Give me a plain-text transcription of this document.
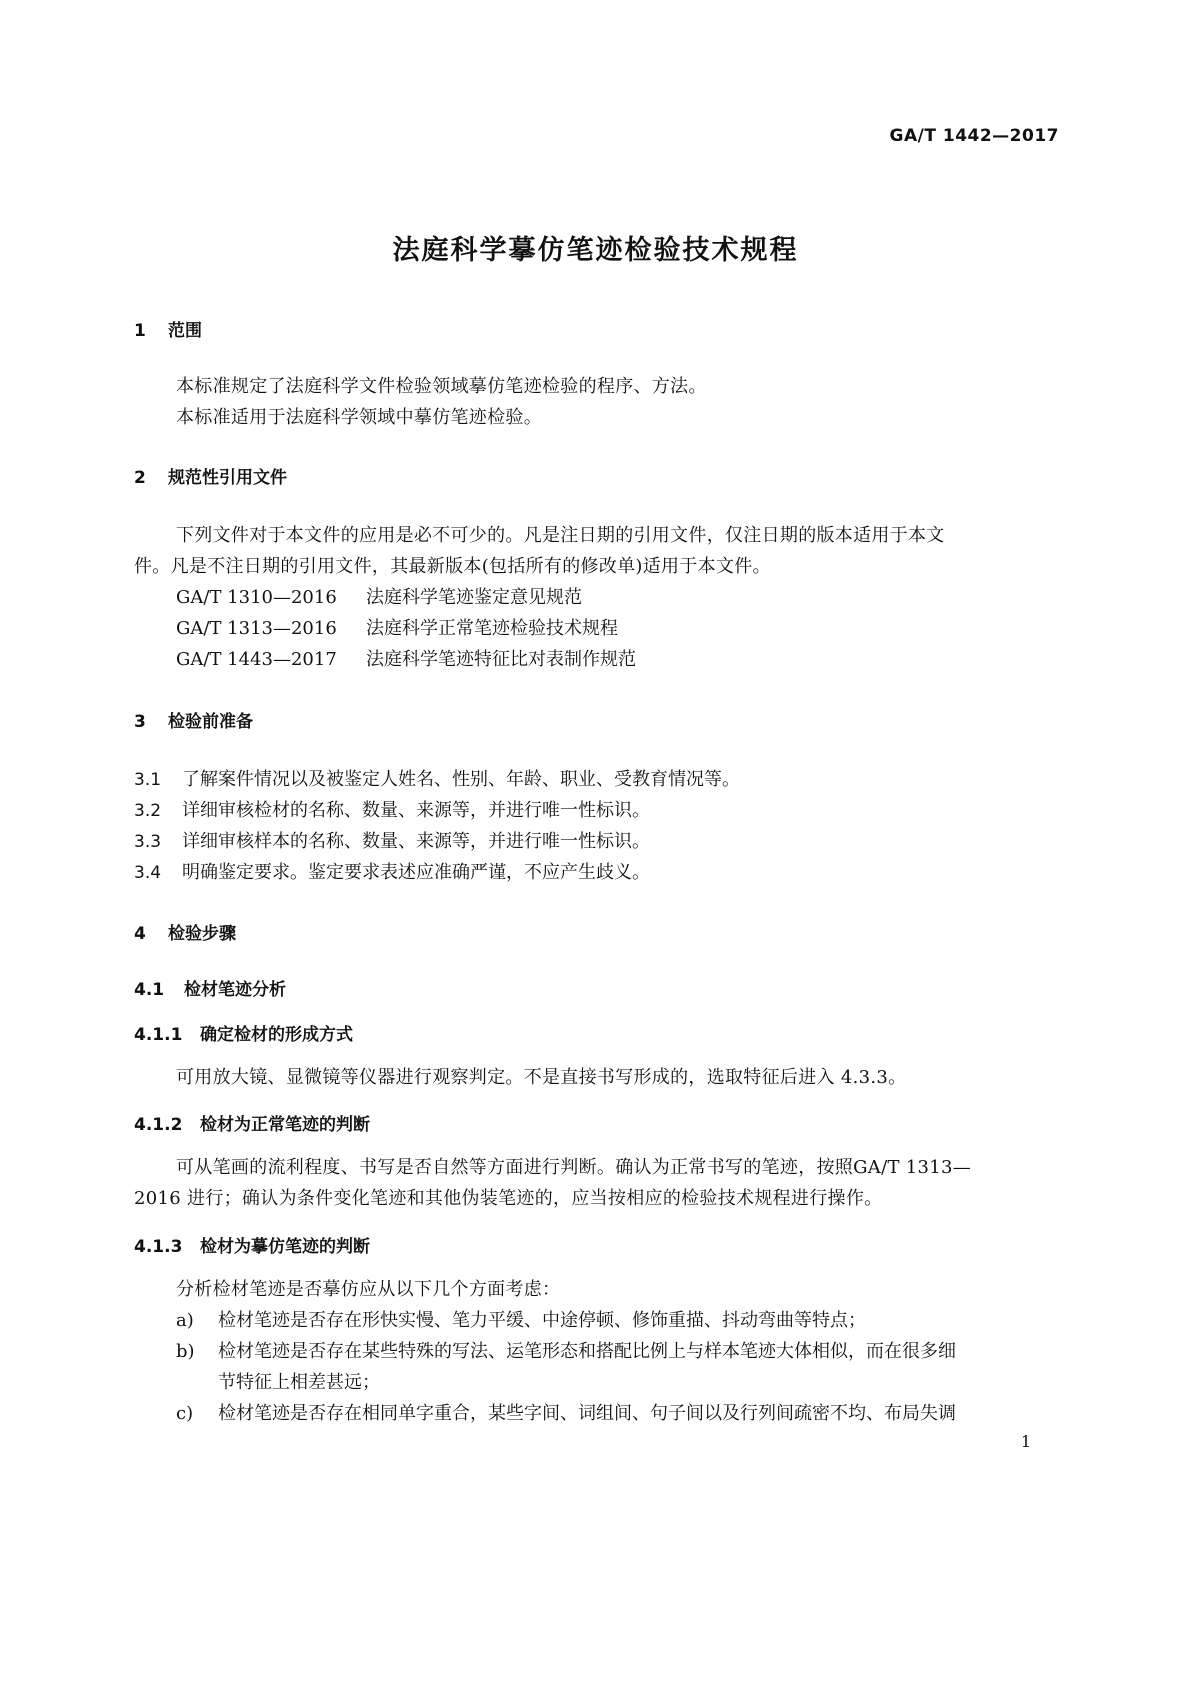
GA/T 1442—2017
法庭科学摹仿笔迹检验技术规程
1 范围
本标准规定了法庭科学文件检验领域摹仿笔迹检验的程序、方法。
本标准适用于法庭科学领域中摹仿笔迹检验。
2 规范性引用文件
下列文件对于本文件的应用是必不可少的。凡是注日期的引用文件，仅注日期的版本适用于本文
件。凡是不注日期的引用文件，其最新版本(包括所有的修改单)适用于本文件。
GA/T 1310—2016 法庭科学笔迹鉴定意见规范
GA/T 1313—2016 法庭科学正常笔迹检验技术规程
GA/T 1443—2017 法庭科学笔迹特征比对表制作规范
3 检验前准备
3.1 了解案件情况以及被鉴定人姓名、性别、年龄、职业、受教育情况等。
3.2 详细审核检材的名称、数量、来源等，并进行唯一性标识。
3.3 详细审核样本的名称、数量、来源等，并进行唯一性标识。
3.4 明确鉴定要求。鉴定要求表述应准确严谨，不应产生歧义。
4 检验步骤
4.1 检材笔迹分析
4.1.1 确定检材的形成方式
可用放大镜、显微镜等仪器进行观察判定。不是直接书写形成的，选取特征后进入 4.3.3。
4.1.2 检材为正常笔迹的判断
可从笔画的流利程度、书写是否自然等方面进行判断。确认为正常书写的笔迹，按照GA/T 1313—
2016 进行；确认为条件变化笔迹和其他伪装笔迹的，应当按相应的检验技术规程进行操作。
4.1.3 检材为摹仿笔迹的判断
分析检材笔迹是否摹仿应从以下几个方面考虑：
a) 检材笔迹是否存在形快实慢、笔力平缓、中途停顿、修饰重描、抖动弯曲等特点；
b) 检材笔迹是否存在某些特殊的写法、运笔形态和搭配比例上与样本笔迹大体相似，而在很多细
节特征上相差甚远；
c) 检材笔迹是否存在相同单字重合，某些字间、词组间、句子间以及行列间疏密不均、布局失调
1
